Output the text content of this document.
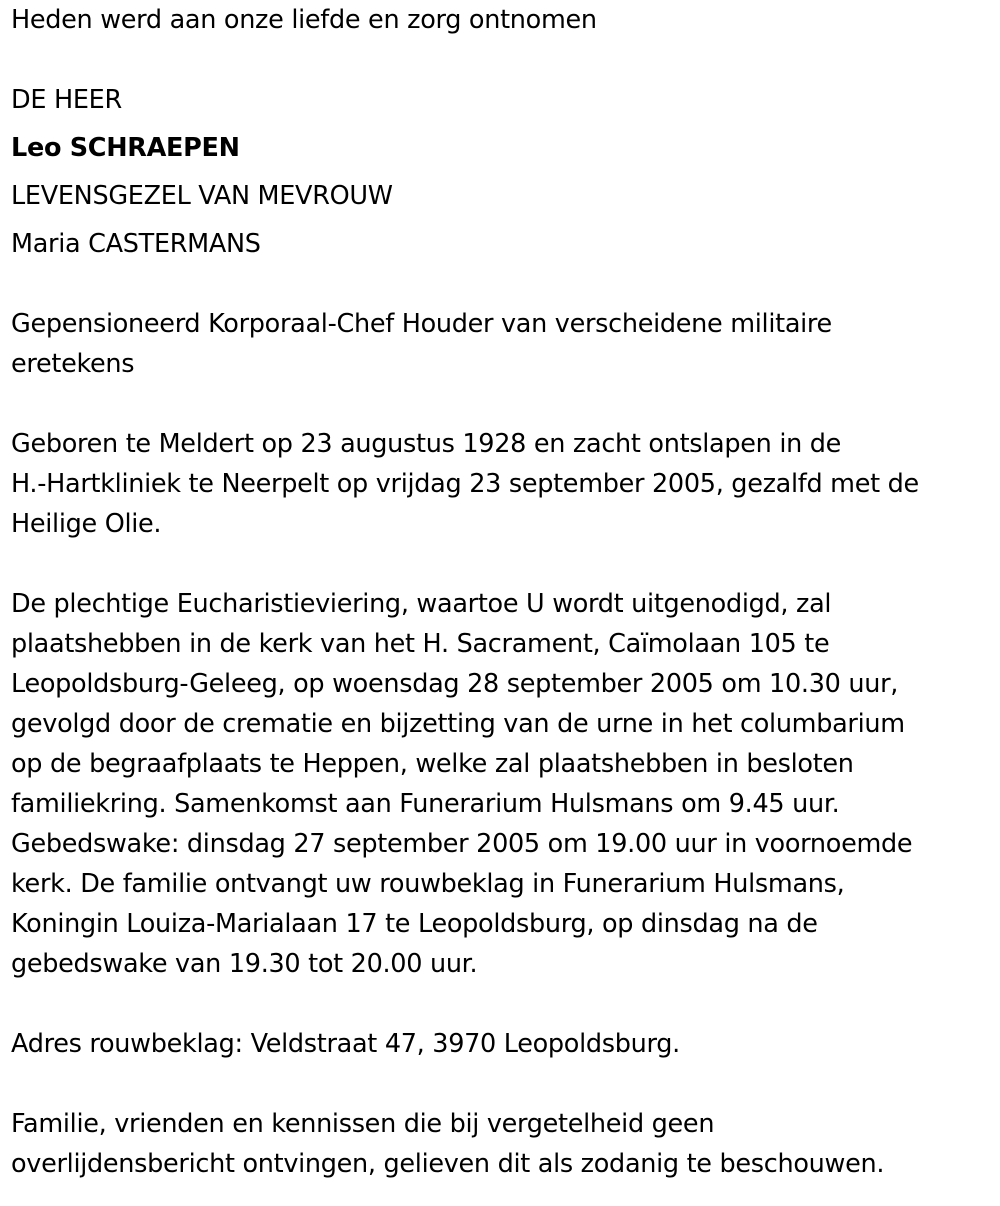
Heden werd aan onze liefde en zorg ontnomen
DE HEER
Leo SCHRAEPEN
LEVENSGEZEL VAN MEVROUW
Maria CASTERMANS
Gepensioneerd Korporaal-Chef Houder van verscheidene militaire
eretekens
Geboren te Meldert op 23 augustus 1928 en zacht ontslapen in de
H.-Hartkliniek te Neerpelt op vrijdag 23 september 2005, gezalfd met de
Heilige Olie.
De plechtige Eucharistieviering, waartoe U wordt uitgenodigd, zal
plaatshebben in de kerk van het H. Sacrament, Caïmolaan 105 te
Leopoldsburg-Geleeg, op woensdag 28 september 2005 om 10.30 uur,
gevolgd door de crematie en bijzetting van de urne in het columbarium
op de begraafplaats te Heppen, welke zal plaatshebben in besloten
familiekring. Samenkomst aan Funerarium Hulsmans om 9.45 uur.
Gebedswake: dinsdag 27 september 2005 om 19.00 uur in voornoemde
kerk. De familie ontvangt uw rouwbeklag in Funerarium Hulsmans,
Koningin Louiza-Marialaan 17 te Leopoldsburg, op dinsdag na de
gebedswake van 19.30 tot 20.00 uur.
Adres rouwbeklag: Veldstraat 47, 3970 Leopoldsburg.
Familie, vrienden en kennissen die bij vergetelheid geen
overlijdensbericht ontvingen, gelieven dit als zodanig te beschouwen.
